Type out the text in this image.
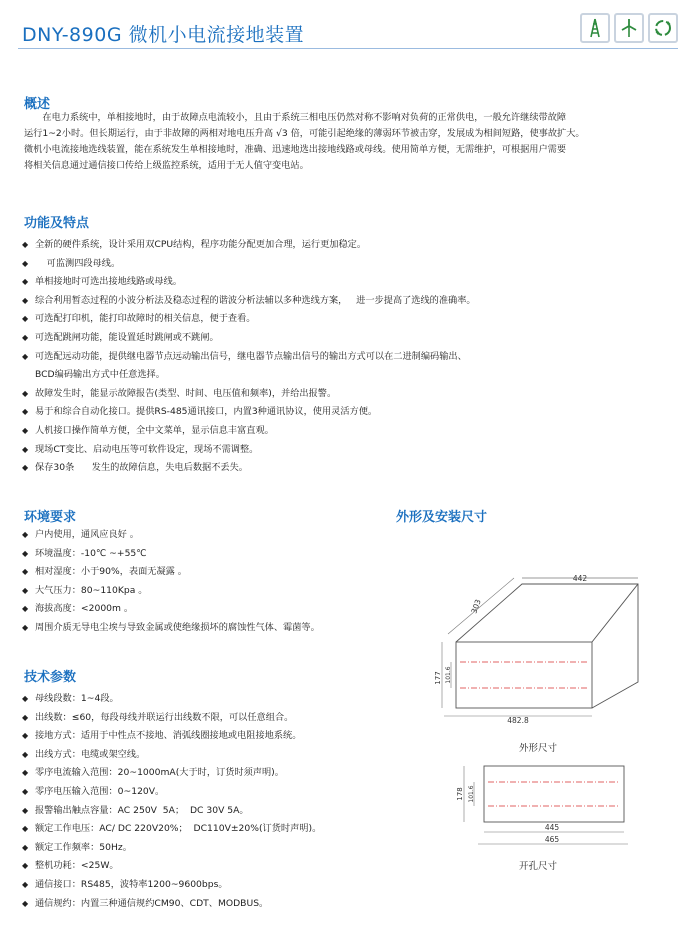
DNY-890G 微机小电流接地装置
概述

在电力系统中，单相接地时，由于故障点电流较小，且由于系统三相电压仍然对称不影响对负荷的正常供电，一般允许继续带故障

运行1~2小时。但长期运行，由于非故障的两相对地电压升高 √3 倍，可能引起绝缘的薄弱环节被击穿，发展成为相间短路，使事故扩大。

微机小电流接地选线装置，能在系统发生单相接地时，准确、迅速地选出接地线路或母线。使用简单方便，无需维护，可根据用户需要

将相关信息通过通信接口传给上级监控系统，适用于无人值守变电站。

功能及特点
◆ 全新的硬件系统，设计采用双CPU结构，程序功能分配更加合理，运行更加稳定。
◆     可监测四段母线。
◆ 单相接地时可选出接地线路或母线。
◆ 综合利用暂态过程的小波分析法及稳态过程的谐波分析法辅以多种选线方案，   进一步提高了选线的准确率。
◆ 可选配打印机，能打印故障时的相关信息，便于查看。
◆ 可选配跳闸功能，能设置延时跳闸或不跳闸。
◆ 可选配远动功能，提供继电器节点远动输出信号，继电器节点输出信号的输出方式可以在二进制编码输出、
BCD编码输出方式中任意选择。
◆ 故障发生时，能显示故障报告(类型、时间、电压值和频率)，并给出报警。
◆ 易于和综合自动化接口。提供RS-485通讯接口，内置3种通讯协议，使用灵活方便。
◆ 人机接口操作简单方便，全中文菜单，显示信息丰富直观。
◆ 现场CT变比、启动电压等可软件设定，现场不需调整。
◆ 保存30条      发生的故障信息，失电后数据不丢失。
环境要求
◆ 户内使用，通风应良好 。
◆ 环境温度：-10℃ ~+55℃
◆ 相对湿度：小于90%，表面无凝露 。
◆ 大气压力：80~110Kpa 。
◆ 海拔高度：<2000m 。
◆ 周围介质无导电尘埃与导致金属或使绝缘损坏的腐蚀性气体、霉菌等。
技术参数
◆ 母线段数：1~4段。
◆ 出线数：≤60，每段母线并联运行出线数不限，可以任意组合。
◆ 接地方式：适用于中性点不接地、消弧线圈接地或电阻接地系统。
◆ 出线方式：电缆或架空线。
◆ 零序电流输入范围：20~1000mA(大于时，订货时须声明)。
◆ 零序电压输入范围：0~120V。
◆ 报警输出触点容量：AC 250V  5A；  DC 30V 5A。
◆ 额定工作电压：AC/ DC 220V20%；  DC110V±20%(订货时声明)。
◆ 额定工作频率：50Hz。
◆ 整机功耗：<25W。
◆ 通信接口：RS485，波特率1200~9600bps。
◆ 通信规约：内置三种通信规约CM90、CDT、MODBUS。
外形及安装尺寸
442
303
177 101.6
482.8
外形尺寸
178 101.6
445
465
开孔尺寸
